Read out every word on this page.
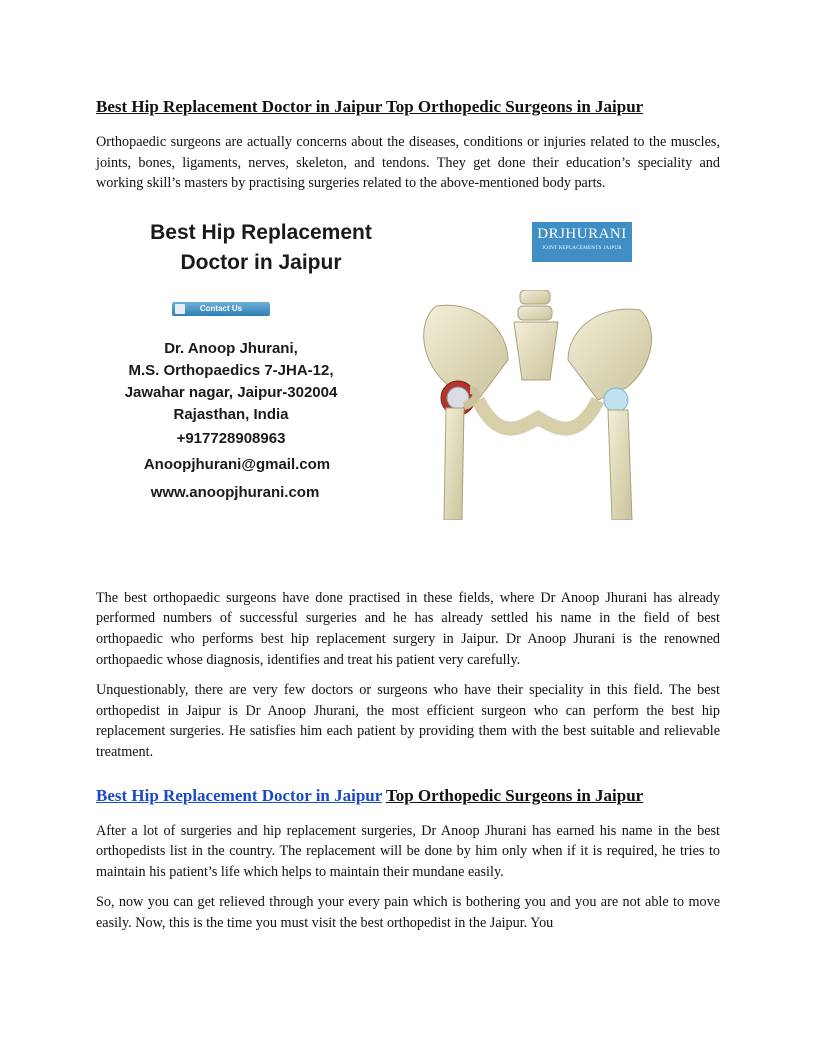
Best Hip Replacement Doctor in Jaipur Top Orthopedic Surgeons in Jaipur

Orthopaedic surgeons are actually concerns about the diseases, conditions or injuries related to the muscles, joints, bones, ligaments, nerves, skeleton, and tendons. They get done their education’s speciality and working skill’s masters by practising surgeries related to the above-mentioned body parts.

Best Hip Replacement
Doctor in Jaipur
Contact Us
Dr. Anoop Jhurani,
M.S. Orthopaedics 7-JHA-12,
Jawahar nagar, Jaipur-302004
Rajasthan, India
+917728908963
Anoopjhurani@gmail.com
www.anoopjhurani.com
DRJHURANI
JOINT REPLACEMENTS JAIPUR

The best orthopaedic surgeons have done practised in these fields, where Dr Anoop Jhurani has already performed numbers of successful surgeries and he has already settled his name in the field of best orthopaedic who performs best hip replacement surgery in Jaipur. Dr Anoop Jhurani is the renowned orthopaedic whose diagnosis, identifies and treat his patient very carefully.

Unquestionably, there are very few doctors or surgeons who have their speciality in this field. The best orthopedist in Jaipur is Dr Anoop Jhurani, the most efficient surgeon who can perform the best hip replacement surgeries. He satisfies him each patient by providing them with the best suitable and relievable treatment.

Best Hip Replacement Doctor in Jaipur Top Orthopedic Surgeons in Jaipur

After a lot of surgeries and hip replacement surgeries, Dr Anoop Jhurani has earned his name in the best orthopedists list in the country. The replacement will be done by him only when if it is required, he tries to maintain his patient’s life which helps to maintain their mundane easily.

So, now you can get relieved through your every pain which is bothering you and you are not able to move easily. Now, this is the time you must visit the best orthopedist in the Jaipur. You
